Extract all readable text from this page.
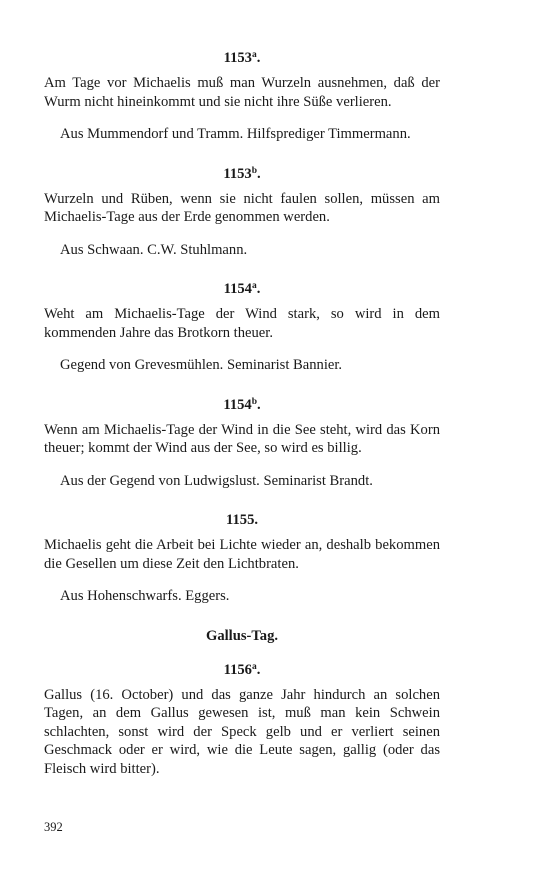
1153$^a$.

Am Tage vor Michaelis muß man Wurzeln ausnehmen, daß der Wurm nicht hineinkommt und sie nicht ihre Süße verlieren.

Aus Mummendorf und Tramm. Hilfsprediger Timmermann.

1153$^b$.

Wurzeln und Rüben, wenn sie nicht faulen sollen, müssen am Michaelis-Tage aus der Erde genommen werden.

Aus Schwaan. C.W. Stuhlmann.

1154$^a$.

Weht am Michaelis-Tage der Wind stark, so wird in dem kommenden Jahre das Brotkorn theuer.

Gegend von Grevesmühlen. Seminarist Bannier.

1154$^b$.

Wenn am Michaelis-Tage der Wind in die See steht, wird das Korn theuer; kommt der Wind aus der See, so wird es billig.

Aus der Gegend von Ludwigslust. Seminarist Brandt.

1155.

Michaelis geht die Arbeit bei Lichte wieder an, deshalb bekommen die Gesellen um diese Zeit den Lichtbraten.

Aus Hohenschwarfs. Eggers.

Gallus-Tag.
1156$^a$.

Gallus (16. October) und das ganze Jahr hindurch an solchen Tagen, an dem Gallus gewesen ist, muß man kein Schwein schlachten, sonst wird der Speck gelb und er verliert seinen Geschmack oder er wird, wie die Leute sagen, gallig (oder das Fleisch wird bitter).

392
